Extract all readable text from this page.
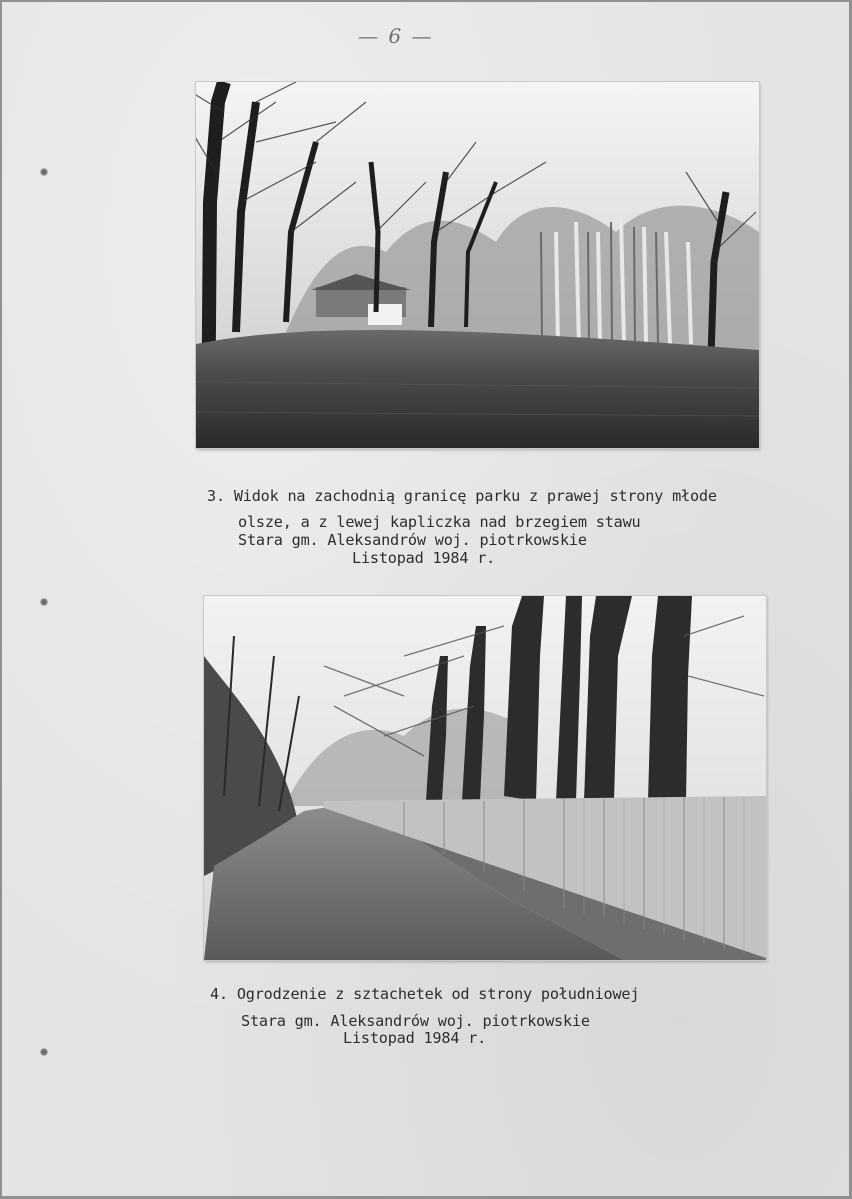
— 6 —
3. Widok na zachodnią granicę parku z prawej strony młode
olsze, a z lewej kapliczka nad brzegiem stawu
Stara gm. Aleksandrów woj. piotrkowskie
Listopad 1984 r.
4. Ogrodzenie z sztachetek od strony południowej
Stara gm. Aleksandrów woj. piotrkowskie
Listopad 1984 r.
